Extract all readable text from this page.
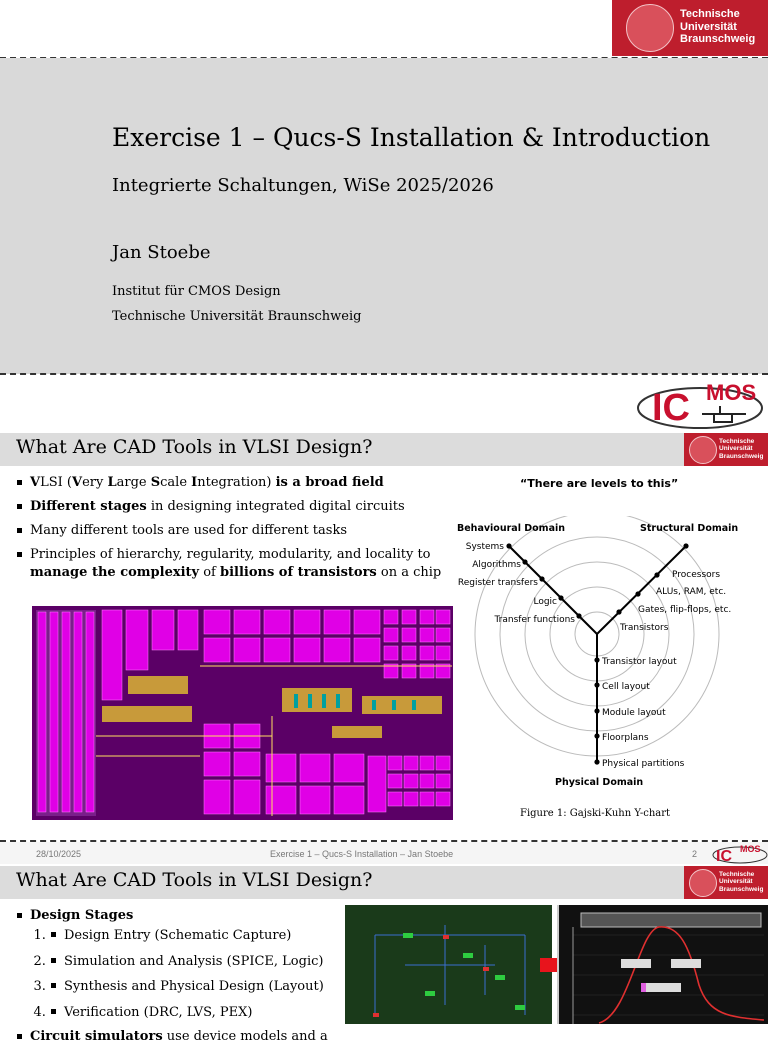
Technische
Universität
Braunschweig
Exercise 1 – Qucs-S Installation & Introduction
Integrierte Schaltungen, WiSe 2025/2026
Jan Stoebe
Institut für CMOS Design
Technische Universität Braunschweig
IC MOS
What Are CAD Tools in VLSI Design?	Technische
Universität
Braunschweig
VLSI (Very Large Scale Integration) is a broad field
Different stages in designing integrated digital circuits
Many different tools are used for different tasks
Principles of hierarchy, regularity, modularity, and locality to manage the complexity of billions of transistors on a chip
“There are levels to this”
Behavioural Domain	Structural Domain
Physical Domain
Systems
Algorithms
Register transfers
Logic
Transfer functions
Processors
ALUs, RAM, etc.
Gates, flip-flops, etc.
Transistors
Transistor layout
Cell layout
Module layout
Floorplans
Physical partitions
Figure 1: Gajski-Kuhn Y-chart
28/10/2025	Exercise 1 – Qucs-S Installation – Jan Stoebe	2 IC MOS
What Are CAD Tools in VLSI Design?	Technische
Universität
Braunschweig
Design Stages
1. Design Entry (Schematic Capture)
2. Simulation and Analysis (SPICE, Logic)
3. Synthesis and Physical Design (Layout)
4. Verification (DRC, LVS, PEX)
Circuit simulators use device models and a
